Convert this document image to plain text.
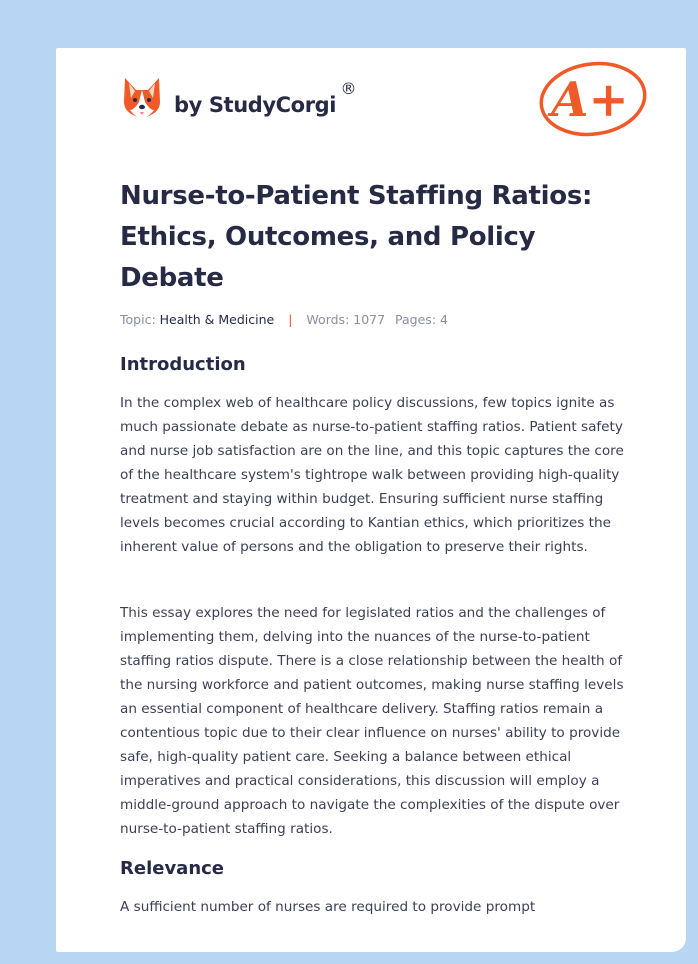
by StudyCorgi
®	A+
Nurse-to-Patient Staffing Ratios: Ethics, Outcomes, and Policy Debate
Topic: Health & Medicine | Words: 1077 Pages: 4
Introduction

In the complex web of healthcare policy discussions, few topics ignite as much passionate debate as nurse-to-patient staffing ratios. Patient safety and nurse job satisfaction are on the line, and this topic captures the core of the healthcare system's tightrope walk between providing high-quality treatment and staying within budget. Ensuring sufficient nurse staffing levels becomes crucial according to Kantian ethics, which prioritizes the inherent value of persons and the obligation to preserve their rights.

This essay explores the need for legislated ratios and the challenges of implementing them, delving into the nuances of the nurse-to-patient staffing ratios dispute. There is a close relationship between the health of the nursing workforce and patient outcomes, making nurse staffing levels an essential component of healthcare delivery. Staffing ratios remain a contentious topic due to their clear influence on nurses' ability to provide safe, high-quality patient care. Seeking a balance between ethical imperatives and practical considerations, this discussion will employ a middle-ground approach to navigate the complexities of the dispute over nurse-to-patient staffing ratios.

Relevance

A sufficient number of nurses are required to provide prompt
